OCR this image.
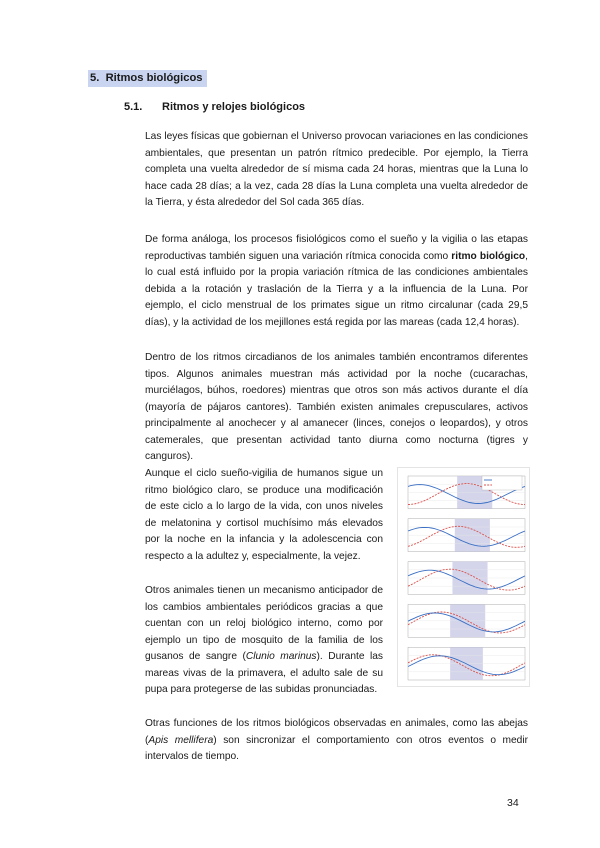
5. Ritmos biológicos
5.1. Ritmos y relojes biológicos

Las leyes físicas que gobiernan el Universo provocan variaciones en las condiciones ambientales, que presentan un patrón rítmico predecible. Por ejemplo, la Tierra completa una vuelta alrededor de sí misma cada 24 horas, mientras que la Luna lo hace cada 28 días; a la vez, cada 28 días la Luna completa una vuelta alrededor de la Tierra, y ésta alrededor del Sol cada 365 días.

De forma análoga, los procesos fisiológicos como el sueño y la vigilia o las etapas reproductivas también siguen una variación rítmica conocida como ritmo biológico, lo cual está influido por la propia variación rítmica de las condiciones ambientales debida a la rotación y traslación de la Tierra y a la influencia de la Luna. Por ejemplo, el ciclo menstrual de los primates sigue un ritmo circalunar (cada 29,5 días), y la actividad de los mejillones está regida por las mareas (cada 12,4 horas).

Dentro de los ritmos circadianos de los animales también encontramos diferentes tipos. Algunos animales muestran más actividad por la noche (cucarachas, murciélagos, búhos, roedores) mientras que otros son más activos durante el día (mayoría de pájaros cantores). También existen animales crepusculares, activos principalmente al anochecer y al amanecer (linces, conejos o leopardos), y otros catemerales, que presentan actividad tanto diurna como nocturna (tigres y canguros).

Aunque el ciclo sueño-vigilia de humanos sigue un ritmo biológico claro, se produce una modificación de este ciclo a lo largo de la vida, con unos niveles de melatonina y cortisol muchísimo más elevados por la noche en la infancia y la adolescencia con respecto a la adultez y, especialmente, la vejez.

Otros animales tienen un mecanismo anticipador de los cambios ambientales periódicos gracias a que cuentan con un reloj biológico interno, como por ejemplo un tipo de mosquito de la familia de los gusanos de sangre (Clunio marinus). Durante las mareas vivas de la primavera, el adulto sale de su pupa para protegerse de las subidas pronunciadas.

Otras funciones de los ritmos biológicos observadas en animales, como las abejas (Apis mellifera) son sincronizar el comportamiento con otros eventos o medir intervalos de tiempo.

34
